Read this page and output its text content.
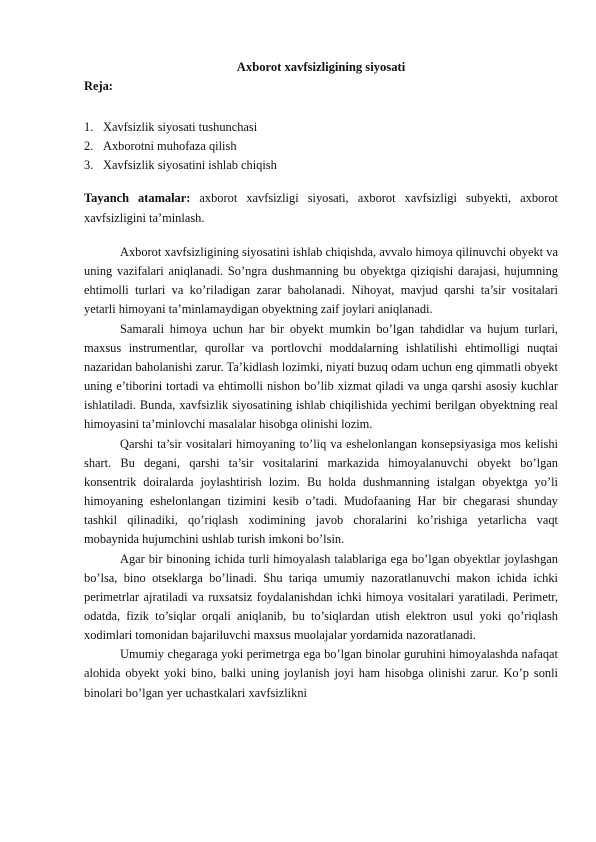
Axborot xavfsizligining siyosati
Reja:
1. Xavfsizlik siyosati tushunchasi
2. Axborotni muhofaza qilish
3. Xavfsizlik siyosatini ishlab chiqish

Tayanch atamalar: axborot xavfsizligi siyosati, axborot xavfsizligi subyekti, axborot xavfsizligini ta’minlash.

Axborot xavfsizligining siyosatini ishlab chiqishda, avvalo himoya qilinuvchi obyekt va uning vazifalari aniqlanadi. So’ngra dushmanning bu obyektga qiziqishi darajasi, hujumning ehtimolli turlari va ko’riladigan zarar baholanadi. Nihoyat, mavjud qarshi ta’sir vositalari yetarli himoyani ta’minlamaydigan obyektning zaif joylari aniqlanadi.

Samarali himoya uchun har bir obyekt mumkin bo’lgan tahdidlar va hujum turlari, maxsus instrumentlar, qurollar va portlovchi moddalarning ishlatilishi ehtimolligi nuqtai nazaridan baholanishi zarur. Ta’kidlash lozimki, niyati buzuq odam uchun eng qimmatli obyekt uning e’tiborini tortadi va ehtimolli nishon bo’lib xizmat qiladi va unga qarshi asosiy kuchlar ishlatiladi. Bunda, xavfsizlik siyosatining ishlab chiqilishida yechimi berilgan obyektning real himoyasini ta’minlovchi masalalar hisobga olinishi lozim.

Qarshi ta’sir vositalari himoyaning to’liq va eshelonlangan konsepsiyasiga mos kelishi shart. Bu degani, qarshi ta’sir vositalarini markazida himoyalanuvchi obyekt bo’lgan konsentrik doiralarda joylashtirish lozim. Bu holda dushmanning istalgan obyektga yo’li himoyaning eshelonlangan tizimini kesib o’tadi. Mudofaaning Har bir chegarasi shunday tashkil qilinadiki, qo’riqlash xodimining javob choralarini ko’rishiga yetarlicha vaqt mobaynida hujumchini ushlab turish imkoni bo’lsin.

Agar bir binoning ichida turli himoyalash talablariga ega bo’lgan obyektlar joylashgan bo’lsa, bino otseklarga bo’linadi. Shu tariqa umumiy nazoratlanuvchi makon ichida ichki perimetrlar ajratiladi va ruxsatsiz foydalanishdan ichki himoya vositalari yaratiladi. Perimetr, odatda, fizik to’siqlar orqali aniqlanib, bu to’siqlardan utish elektron usul yoki qo’riqlash xodimlari tomonidan bajariluvchi maxsus muolajalar yordamida nazoratlanadi.

Umumiy chegaraga yoki perimetrga ega bo’lgan binolar guruhini himoyalashda nafaqat alohida obyekt yoki bino, balki uning joylanish joyi ham hisobga olinishi zarur. Ko’p sonli binolari bo’lgan yer uchastkalari xavfsizlikni
